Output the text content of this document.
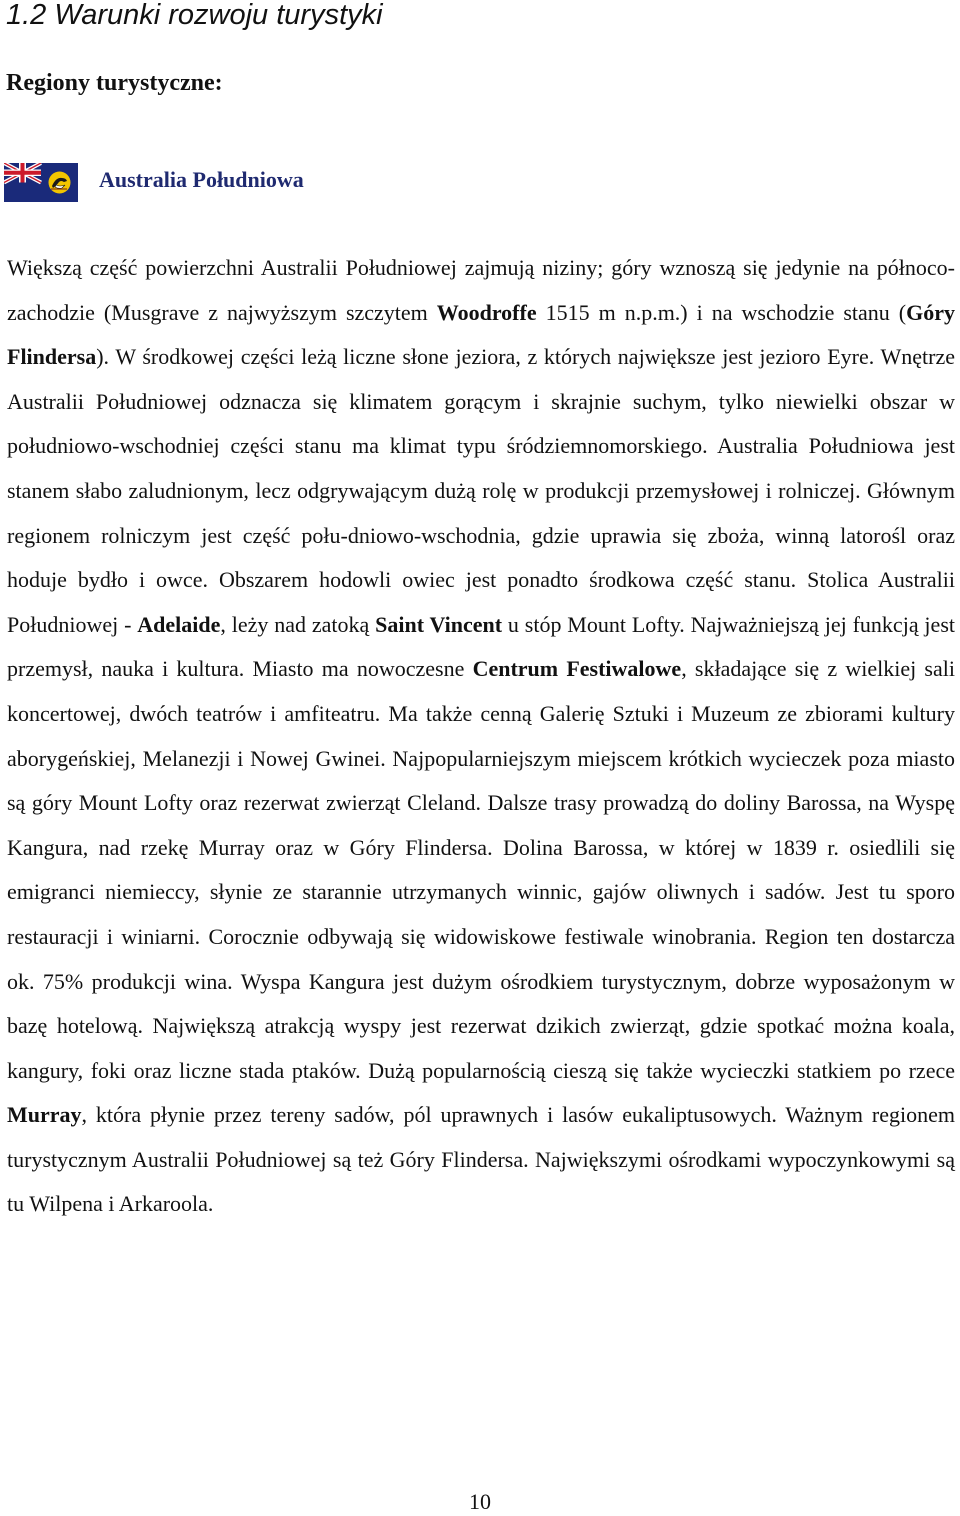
1.2 Warunki rozwoju turystyki
Regiony turystyczne:
Australia Południowa

Większą część powierzchni Australii Południowej zajmują niziny; góry wznoszą się jedynie na północo-zachodzie (Musgrave z najwyższym szczytem Woodroffe 1515 m n.p.m.) i na wschodzie stanu (Góry Flindersa). W środkowej części leżą liczne słone jeziora, z których największe jest jezioro Eyre. Wnętrze Australii Południowej odznacza się klimatem gorącym i skrajnie suchym, tylko niewielki obszar w południowo-wschodniej części stanu ma klimat typu śródziemnomorskiego. Australia Południowa jest stanem słabo zaludnionym, lecz odgrywającym dużą rolę w produkcji przemysłowej i rolniczej. Głównym regionem rolniczym jest część połu-dniowo-wschodnia, gdzie uprawia się zboża, winną latorośl oraz hoduje bydło i owce. Obszarem hodowli owiec jest ponadto środkowa część stanu. Stolica Australii Południowej - Adelaide, leży nad zatoką Saint Vincent u stóp Mount Lofty. Najważniejszą jej funkcją jest przemysł, nauka i kultura. Miasto ma nowoczesne Centrum Festiwalowe, składające się z wielkiej sali koncertowej, dwóch teatrów i amfiteatru. Ma także cenną Galerię Sztuki i Muzeum ze zbiorami kultury aborygeńskiej, Melanezji i Nowej Gwinei. Najpopularniejszym miejscem krótkich wycieczek poza miasto są góry Mount Lofty oraz rezerwat zwierząt Cleland. Dalsze trasy prowadzą do doliny Barossa, na Wyspę Kangura, nad rzekę Murray oraz w Góry Flindersa. Dolina Barossa, w której w 1839 r. osiedlili się emigranci niemieccy, słynie ze starannie utrzymanych winnic, gajów oliwnych i sadów. Jest tu sporo restauracji i winiarni. Corocznie odbywają się widowiskowe festiwale winobrania. Region ten dostarcza ok. 75% produkcji wina. Wyspa Kangura jest dużym ośrodkiem turystycznym, dobrze wyposażonym w bazę hotelową. Największą atrakcją wyspy jest rezerwat dzikich zwierząt, gdzie spotkać można koala, kangury, foki oraz liczne stada ptaków. Dużą popularnością cieszą się także wycieczki statkiem po rzece Murray, która płynie przez tereny sadów, pól uprawnych i lasów eukaliptusowych. Ważnym regionem turystycznym Australii Południowej są też Góry Flindersa. Największymi ośrodkami wypoczynkowymi są tu Wilpena i Arkaroola.

10
